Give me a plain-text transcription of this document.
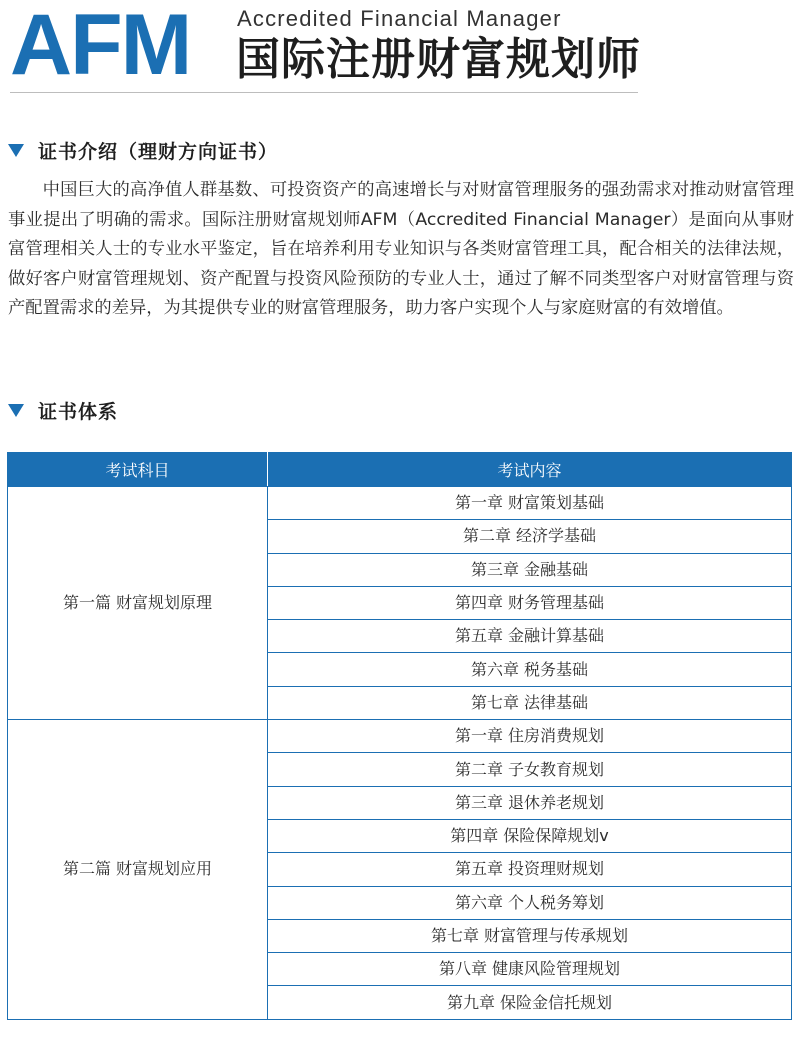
AFM Accredited Financial Manager
国际注册财富规划师
证书介绍（理财方向证书）

中国巨大的高净值人群基数、可投资资产的高速增长与对财富管理服务的强劲需求对推动财富管理事业提出了明确的需求。国际注册财富规划师AFM（Accredited Financial Manager）是面向从事财富管理相关人士的专业水平鉴定，旨在培养利用专业知识与各类财富管理工具，配合相关的法律法规，做好客户财富管理规划、资产配置与投资风险预防的专业人士，通过了解不同类型客户对财富管理与资产配置需求的差异，为其提供专业的财富管理服务，助力客户实现个人与家庭财富的有效增值。

证书体系
考试科目	考试内容
第一篇 财富规划原理	第一章 财富策划基础
	第二章 经济学基础
	第三章 金融基础
	第四章 财务管理基础
	第五章 金融计算基础
	第六章 税务基础
	第七章 法律基础
第二篇 财富规划应用	第一章 住房消费规划
	第二章 子女教育规划
	第三章 退休养老规划
	第四章 保险保障规划v
	第五章 投资理财规划
	第六章 个人税务筹划
	第七章 财富管理与传承规划
	第八章 健康风险管理规划
	第九章 保险金信托规划
